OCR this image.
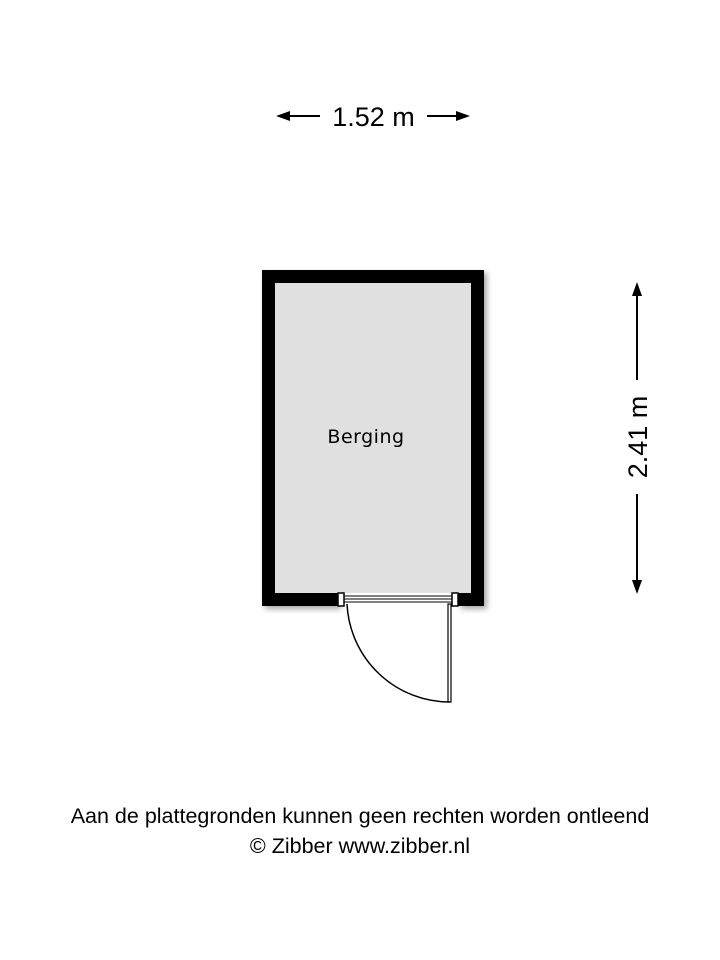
1.52 m
2.41 m
Berging
Aan de plattegronden kunnen geen rechten worden ontleend
© Zibber www.zibber.nl
